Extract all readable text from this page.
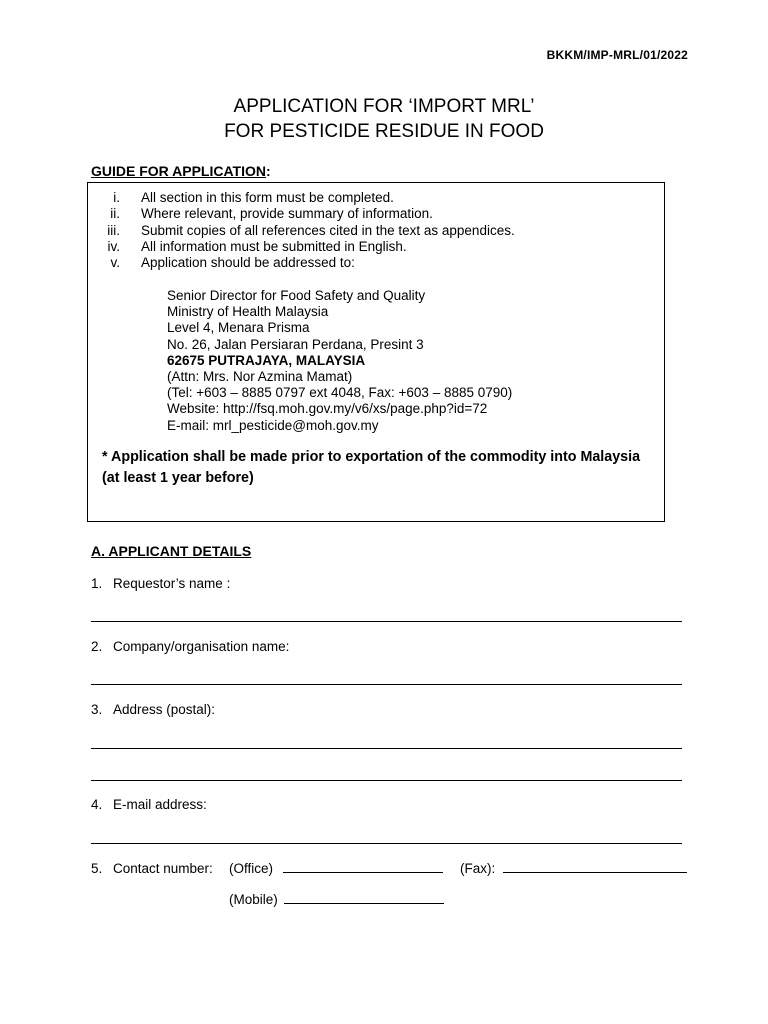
BKKM/IMP-MRL/01/2022
APPLICATION FOR ‘IMPORT MRL’
FOR PESTICIDE RESIDUE IN FOOD
GUIDE FOR APPLICATION:
i. All section in this form must be completed.
ii. Where relevant, provide summary of information.
iii. Submit copies of all references cited in the text as appendices.
iv. All information must be submitted in English.
v. Application should be addressed to:
Senior Director for Food Safety and Quality
Ministry of Health Malaysia
Level 4, Menara Prisma
No. 26, Jalan Persiaran Perdana, Presint 3
62675 PUTRAJAYA, MALAYSIA
(Attn: Mrs. Nor Azmina Mamat)
(Tel: +603 – 8885 0797 ext 4048, Fax: +603 – 8885 0790)
Website: http://fsq.moh.gov.my/v6/xs/page.php?id=72
E-mail: mrl_pesticide@moh.gov.my
* Application shall be made prior to exportation of the commodity into Malaysia (at least 1 year before)
A. APPLICANT DETAILS
1. Requestor’s name :
2. Company/organisation name:
3. Address (postal):
4. E-mail address:
5. Contact number: (Office)	(Fax):
(Mobile)
